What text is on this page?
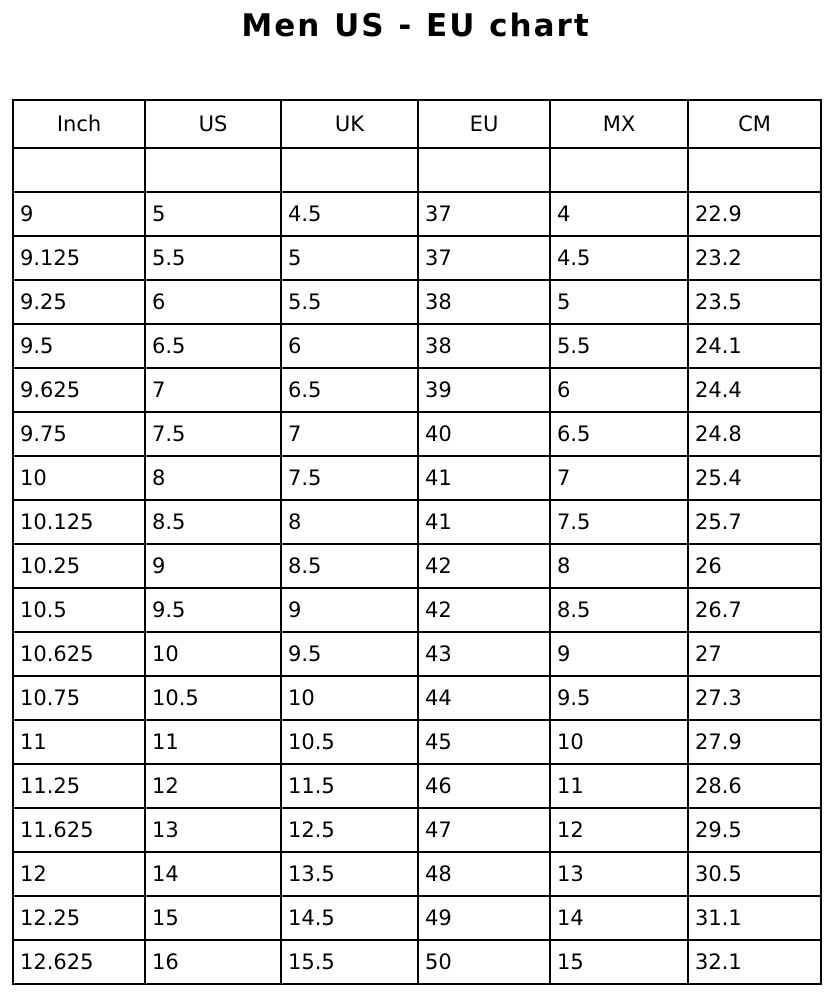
Men US - EU chart
Inch	US	UK	EU	MX	CM

9	5	4.5	37	4	22.9
9.125	5.5	5	37	4.5	23.2
9.25	6	5.5	38	5	23.5
9.5	6.5	6	38	5.5	24.1
9.625	7	6.5	39	6	24.4
9.75	7.5	7	40	6.5	24.8
10	8	7.5	41	7	25.4
10.125	8.5	8	41	7.5	25.7
10.25	9	8.5	42	8	26
10.5	9.5	9	42	8.5	26.7
10.625	10	9.5	43	9	27
10.75	10.5	10	44	9.5	27.3
11	11	10.5	45	10	27.9
11.25	12	11.5	46	11	28.6
11.625	13	12.5	47	12	29.5
12	14	13.5	48	13	30.5
12.25	15	14.5	49	14	31.1
12.625	16	15.5	50	15	32.1
